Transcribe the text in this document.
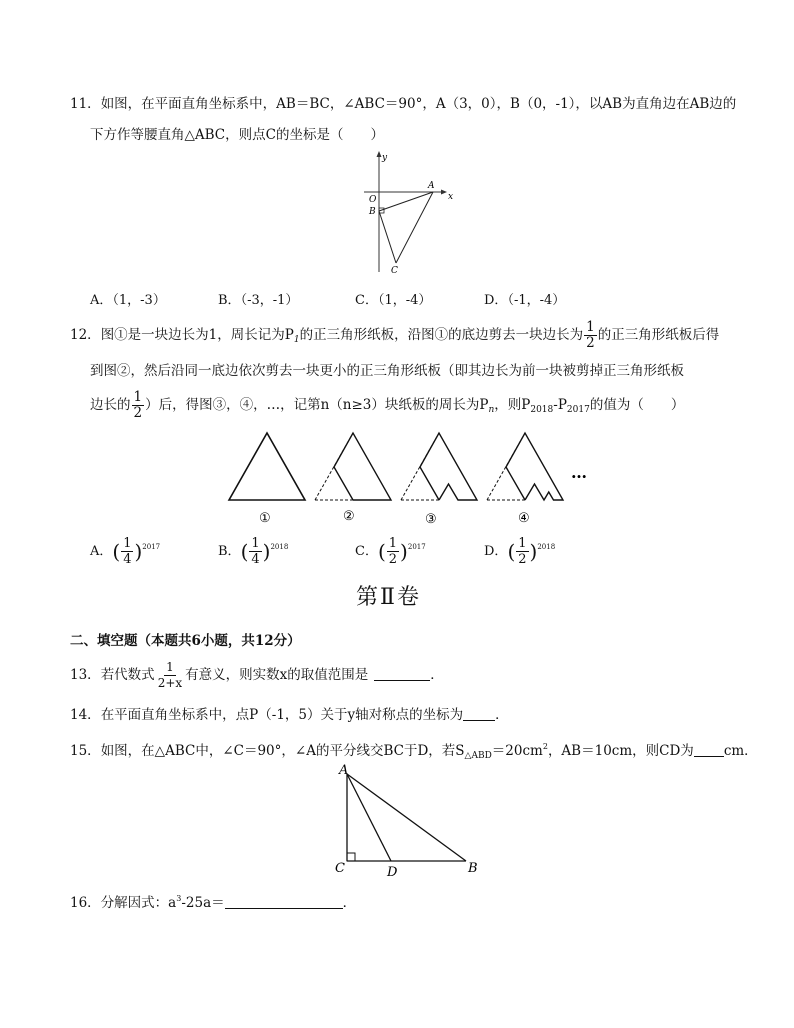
11．如图，在平面直角坐标系中，AB＝BC，∠ABC＝90°，A（3，0），B（0，-1），以AB为直角边在AB边的
下方作等腰直角△ABC，则点C的坐标是（　　）
y
x
O
A
B
C
A．（1，-3）	B．（-3，-1）	C．（1，-4）	D．（-1，-4）
12．图①是一块边长为1，周长记为$P_1$的正三角形纸板，沿图①的底边剪去一块边长为 $\frac{1}{2}$ 的正三角形纸板后得
到图②，然后沿同一底边依次剪去一块更小的正三角形纸板（即其边长为前一块被剪掉正三角形纸板
边长的 $\frac{1}{2}$ ）后，得图③，④，…，记第n（n≥3）块纸板的周长为$P_n$，则$P_{2018}-P_{2017}$的值为（　　）
…
①	②	③	④
A．( $\frac{1}{4} )^{2017}$	B．( $\frac{1}{4} )^{2018}$	C．( $\frac{1}{2} )^{2017}$	D．( $\frac{1}{2} )^{2018}$
第Ⅱ卷
二、填空题（本题共6小题，共12分）
13．若代数式 $\frac{1}{2+x}$ 有意义，则实数x的取值范围是	．
14．在平面直角坐标系中，点P（-1，5）关于y轴对称点的坐标为 ．
15．如图，在△ABC中，∠C＝90°，∠A的平分线交BC于D，若$S_{\triangle ABD}=20cm^2$，AB＝10cm，则CD为 cm．
A
C	D	B
16．分解因式：$a^3-25a=$	．
